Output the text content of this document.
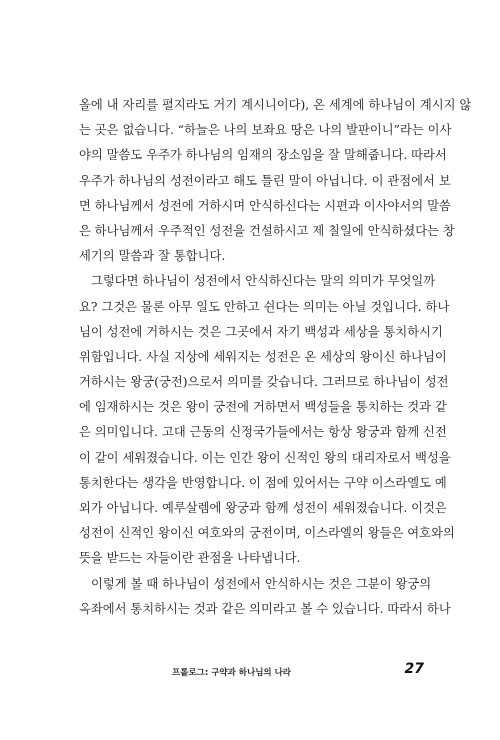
올에 내 자리를 펼지라도 거기 계시니이다), 온 세계에 하나님이 계시지 않
는 곳은 없습니다. “하늘은 나의 보좌요 땅은 나의 발판이니”라는 이사
야의 말씀도 우주가 하나님의 임재의 장소임을 잘 말해줍니다. 따라서
우주가 하나님의 성전이라고 해도 틀린 말이 아닙니다. 이 관점에서 보
면 하나님께서 성전에 거하시며 안식하신다는 시편과 이사야서의 말씀
은 하나님께서 우주적인 성전을 건설하시고 제 칠일에 안식하셨다는 창
세기의 말씀과 잘 통합니다.
그렇다면 하나님이 성전에서 안식하신다는 말의 의미가 무엇일까
요? 그것은 물론 아무 일도 안하고 쉰다는 의미는 아닐 것입니다. 하나
님이 성전에 거하시는 것은 그곳에서 자기 백성과 세상을 통치하시기
위함입니다. 사실 지상에 세워지는 성전은 온 세상의 왕이신 하나님이
거하시는 왕궁(궁전)으로서 의미를 갖습니다. 그러므로 하나님이 성전
에 임재하시는 것은 왕이 궁전에 거하면서 백성들을 통치하는 것과 같
은 의미입니다. 고대 근동의 신정국가들에서는 항상 왕궁과 함께 신전
이 같이 세워졌습니다. 이는 인간 왕이 신적인 왕의 대리자로서 백성을
통치한다는 생각을 반영합니다. 이 점에 있어서는 구약 이스라엘도 예
외가 아닙니다. 예루살렘에 왕궁과 함께 성전이 세워졌습니다. 이것은
성전이 신적인 왕이신 여호와의 궁전이며, 이스라엘의 왕들은 여호와의
뜻을 받드는 자들이란 관점을 나타냅니다.
이렇게 볼 때 하나님이 성전에서 안식하시는 것은 그분이 왕궁의
옥좌에서 통치하시는 것과 같은 의미라고 볼 수 있습니다. 따라서 하나
프롤로그: 구약과 하나님의 나라	27
